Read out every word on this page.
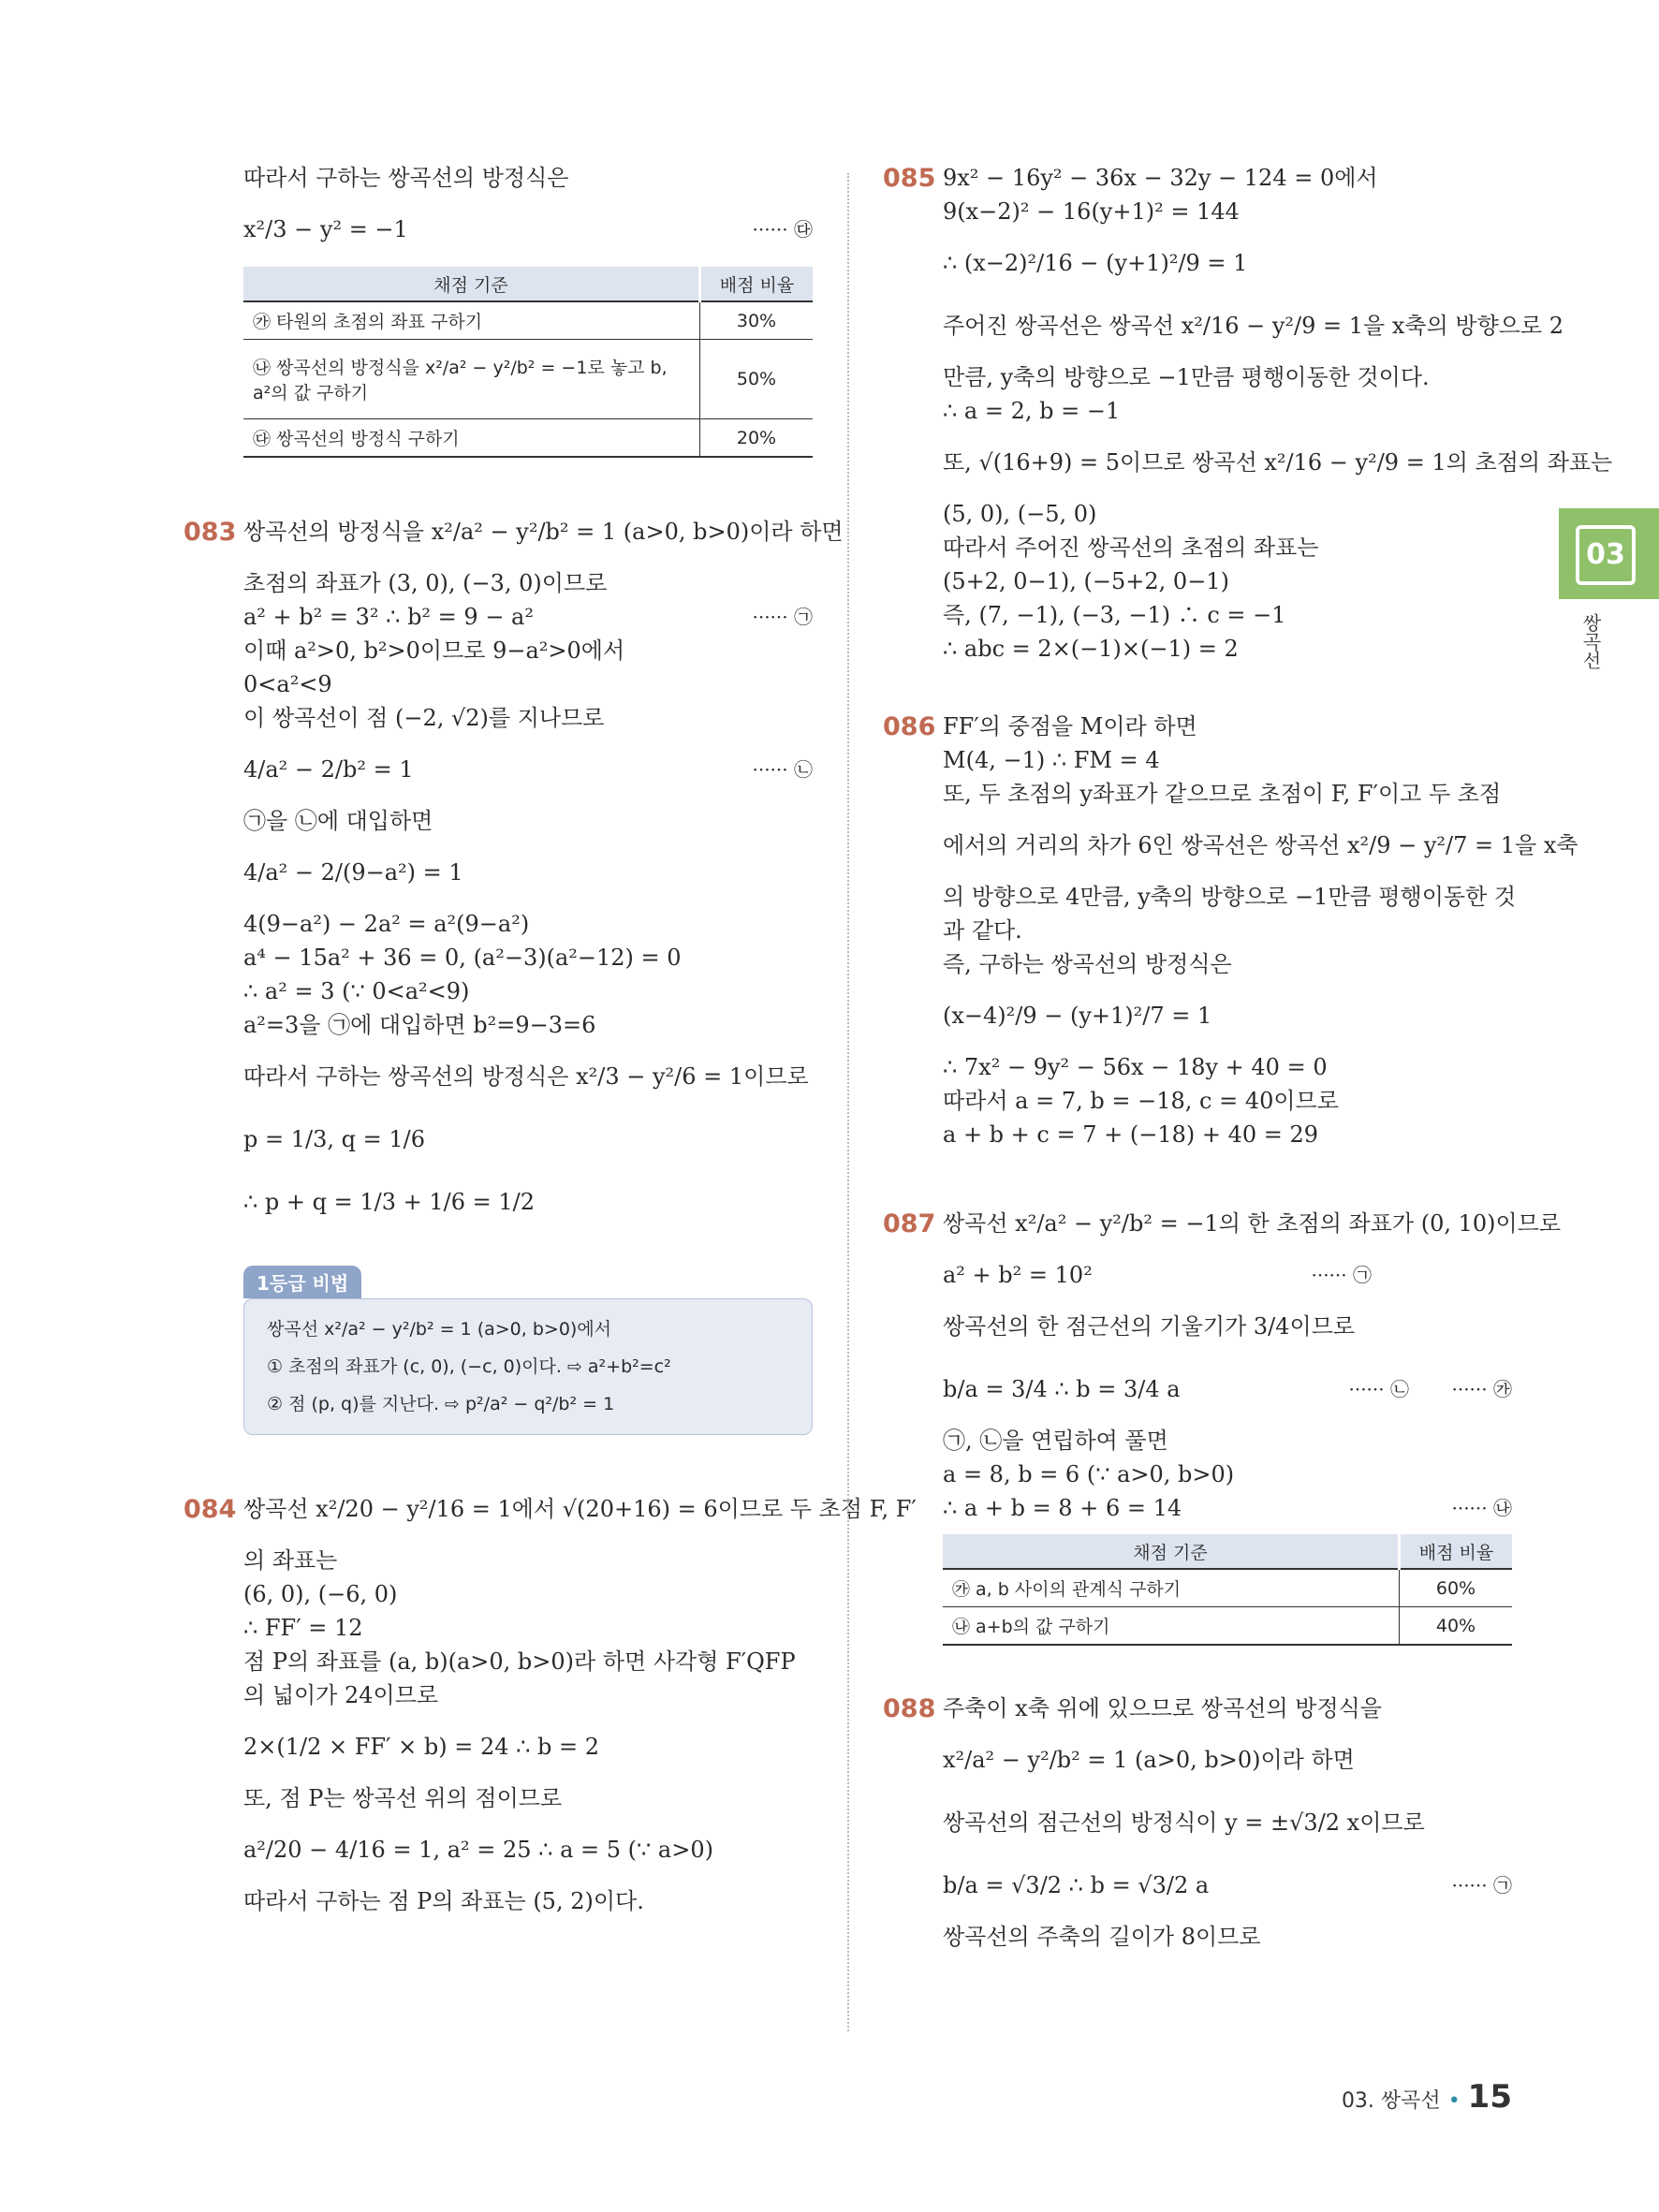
따라서 구하는 쌍곡선의 방정식은
x²/3 − y² = −1	······ ㉰
채점 기준	배점 비율
㉮ 타원의 초점의 좌표 구하기	30%
㉯ 쌍곡선의 방정식을 x²/a² − y²/b² = −1로 놓고 b, a²의 값 구하기	50%
㉰ 쌍곡선의 방정식 구하기	20%
083 쌍곡선의 방정식을 x²/a² − y²/b² = 1 (a>0, b>0)이라 하면
초점의 좌표가 (3, 0), (−3, 0)이므로
a² + b² = 3² ∴ b² = 9 − a²	······ ㉠
이때 a²>0, b²>0이므로 9−a²>0에서
0<a²<9
이 쌍곡선이 점 (−2, √2)를 지나므로
4/a² − 2/b² = 1	······ ㉡
㉠을 ㉡에 대입하면
4/a² − 2/(9−a²) = 1
4(9−a²) − 2a² = a²(9−a²)
a⁴ − 15a² + 36 = 0, (a²−3)(a²−12) = 0
∴ a² = 3 (∵ 0<a²<9)
a²=3을 ㉠에 대입하면 b²=9−3=6
따라서 구하는 쌍곡선의 방정식은 x²/3 − y²/6 = 1이므로
p = 1/3, q = 1/6
∴ p + q = 1/3 + 1/6 = 1/2
1등급 비법
쌍곡선 x²/a² − y²/b² = 1 (a>0, b>0)에서
① 초점의 좌표가 (c, 0), (−c, 0)이다. ⇨ a²+b²=c²
② 점 (p, q)를 지난다. ⇨ p²/a² − q²/b² = 1
084 쌍곡선 x²/20 − y²/16 = 1에서 √(20+16) = 6이므로 두 초점 F, F′
의 좌표는
(6, 0), (−6, 0)
∴ FF′ = 12
점 P의 좌표를 (a, b)(a>0, b>0)라 하면 사각형 F′QFP
의 넓이가 24이므로
2×(1/2 × FF′ × b) = 24 ∴ b = 2
또, 점 P는 쌍곡선 위의 점이므로
a²/20 − 4/16 = 1, a² = 25 ∴ a = 5 (∵ a>0)
따라서 구하는 점 P의 좌표는 (5, 2)이다.
085 9x² − 16y² − 36x − 32y − 124 = 0에서
9(x−2)² − 16(y+1)² = 144
∴ (x−2)²/16 − (y+1)²/9 = 1
주어진 쌍곡선은 쌍곡선 x²/16 − y²/9 = 1을 x축의 방향으로 2
만큼, y축의 방향으로 −1만큼 평행이동한 것이다.
∴ a = 2, b = −1
또, √(16+9) = 5이므로 쌍곡선 x²/16 − y²/9 = 1의 초점의 좌표는
(5, 0), (−5, 0)
따라서 주어진 쌍곡선의 초점의 좌표는
(5+2, 0−1), (−5+2, 0−1)
즉, (7, −1), (−3, −1) ∴ c = −1
∴ abc = 2×(−1)×(−1) = 2
086 FF′의 중점을 M이라 하면
M(4, −1) ∴ FM = 4
또, 두 초점의 y좌표가 같으므로 초점이 F, F′이고 두 초점
에서의 거리의 차가 6인 쌍곡선은 쌍곡선 x²/9 − y²/7 = 1을 x축
의 방향으로 4만큼, y축의 방향으로 −1만큼 평행이동한 것
과 같다.
즉, 구하는 쌍곡선의 방정식은
(x−4)²/9 − (y+1)²/7 = 1
∴ 7x² − 9y² − 56x − 18y + 40 = 0
따라서 a = 7, b = −18, c = 40이므로
a + b + c = 7 + (−18) + 40 = 29
087 쌍곡선 x²/a² − y²/b² = −1의 한 초점의 좌표가 (0, 10)이므로
a² + b² = 10²	······ ㉠
쌍곡선의 한 점근선의 기울기가 3/4이므로
b/a = 3/4 ∴ b = 3/4 a	······ ㉡ ······ ㉮
㉠, ㉡을 연립하여 풀면
a = 8, b = 6 (∵ a>0, b>0)
∴ a + b = 8 + 6 = 14	······ ㉯
채점 기준	배점 비율
㉮ a, b 사이의 관계식 구하기	60%
㉯ a+b의 값 구하기	40%
088 주축이 x축 위에 있으므로 쌍곡선의 방정식을
x²/a² − y²/b² = 1 (a>0, b>0)이라 하면
쌍곡선의 점근선의 방정식이 y = ±√3/2 x이므로
b/a = √3/2 ∴ b = √3/2 a	······ ㉠
쌍곡선의 주축의 길이가 8이므로
03
쌍곡선
03. 쌍곡선 • 15
